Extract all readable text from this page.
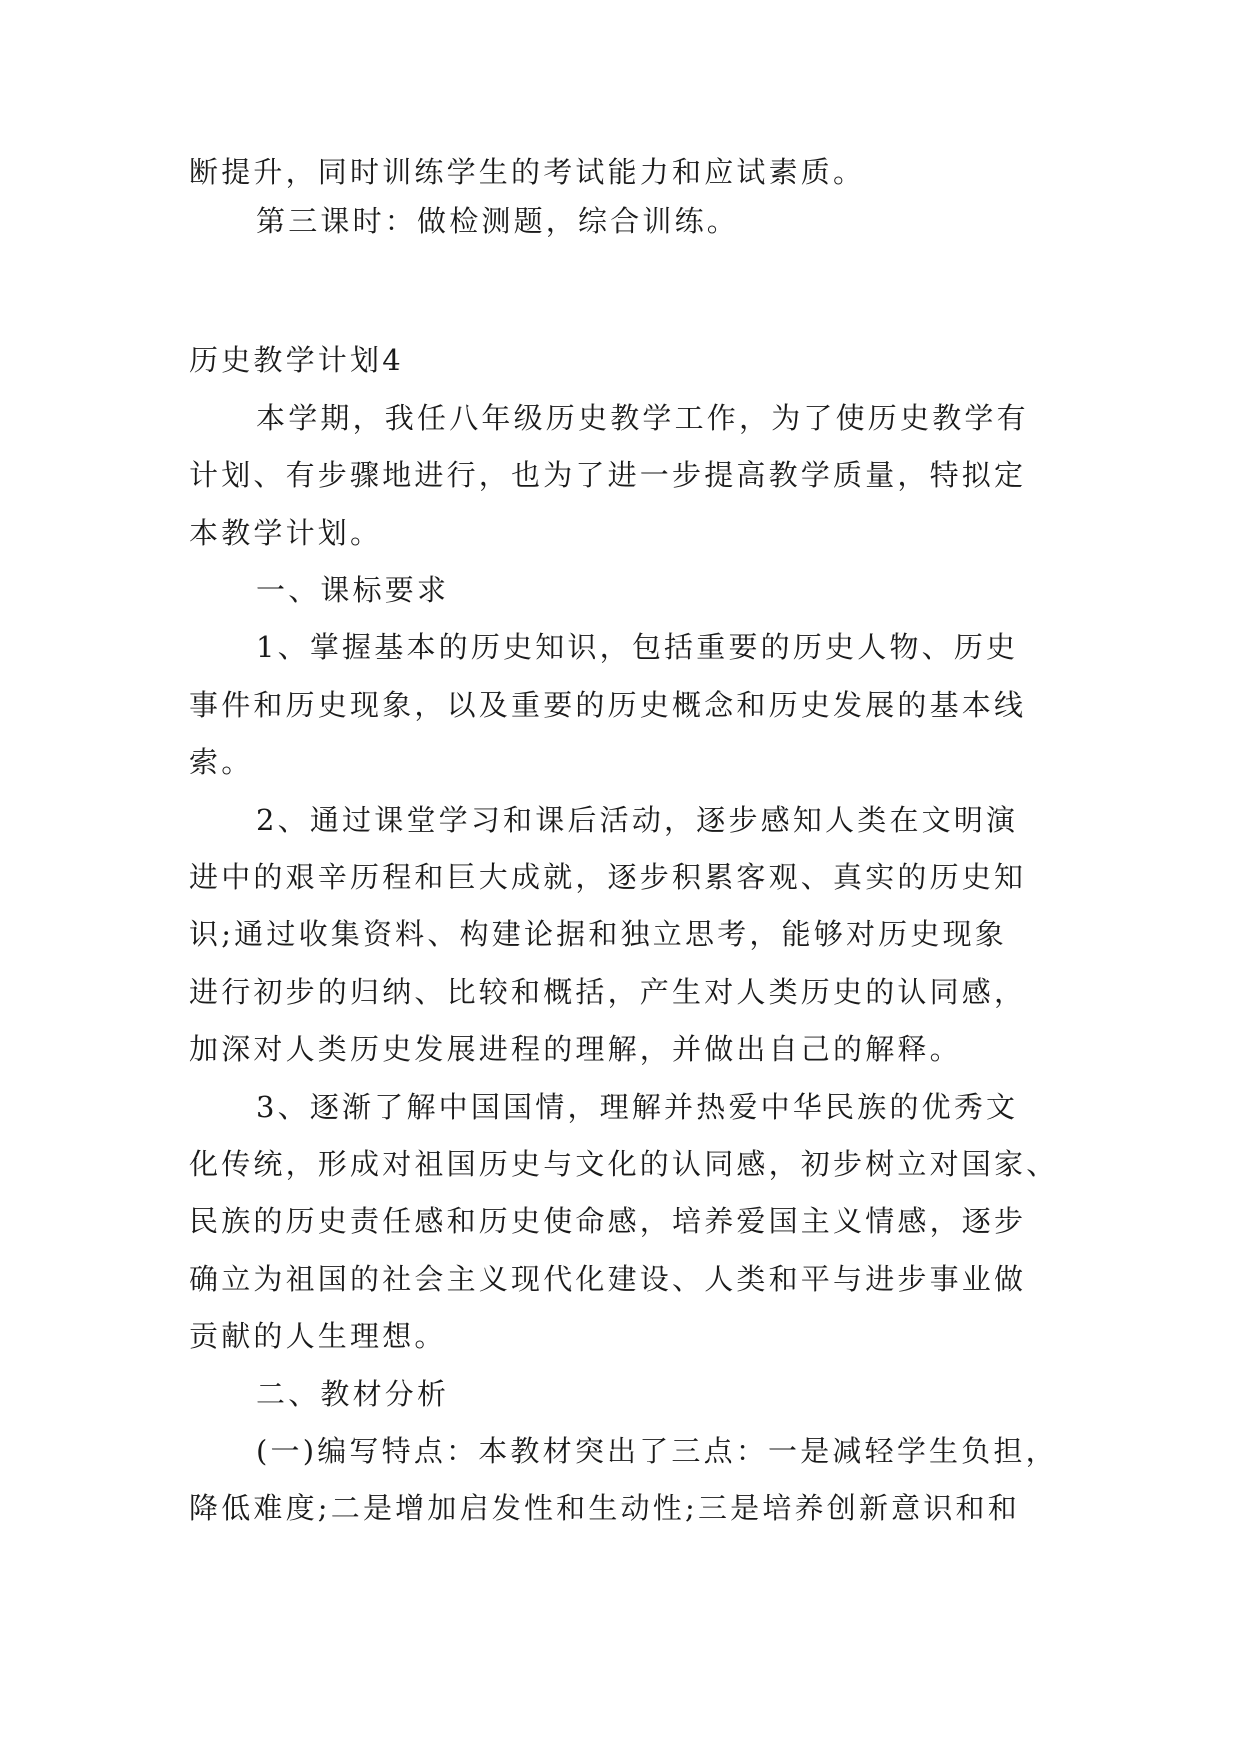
断提升，同时训练学生的考试能力和应试素质。
第三课时：做检测题，综合训练。
历史教学计划4
本学期，我任八年级历史教学工作，为了使历史教学有
计划、有步骤地进行，也为了进一步提高教学质量，特拟定
本教学计划。
一、课标要求
1、掌握基本的历史知识，包括重要的历史人物、历史
事件和历史现象，以及重要的历史概念和历史发展的基本线
索。
2、通过课堂学习和课后活动，逐步感知人类在文明演
进中的艰辛历程和巨大成就，逐步积累客观、真实的历史知
识;通过收集资料、构建论据和独立思考，能够对历史现象
进行初步的归纳、比较和概括，产生对人类历史的认同感，
加深对人类历史发展进程的理解，并做出自己的解释。
3、逐渐了解中国国情，理解并热爱中华民族的优秀文
化传统，形成对祖国历史与文化的认同感，初步树立对国家、
民族的历史责任感和历史使命感，培养爱国主义情感，逐步
确立为祖国的社会主义现代化建设、人类和平与进步事业做
贡献的人生理想。
二、教材分析
(一)编写特点：本教材突出了三点：一是减轻学生负担，
降低难度;二是增加启发性和生动性;三是培养创新意识和和
